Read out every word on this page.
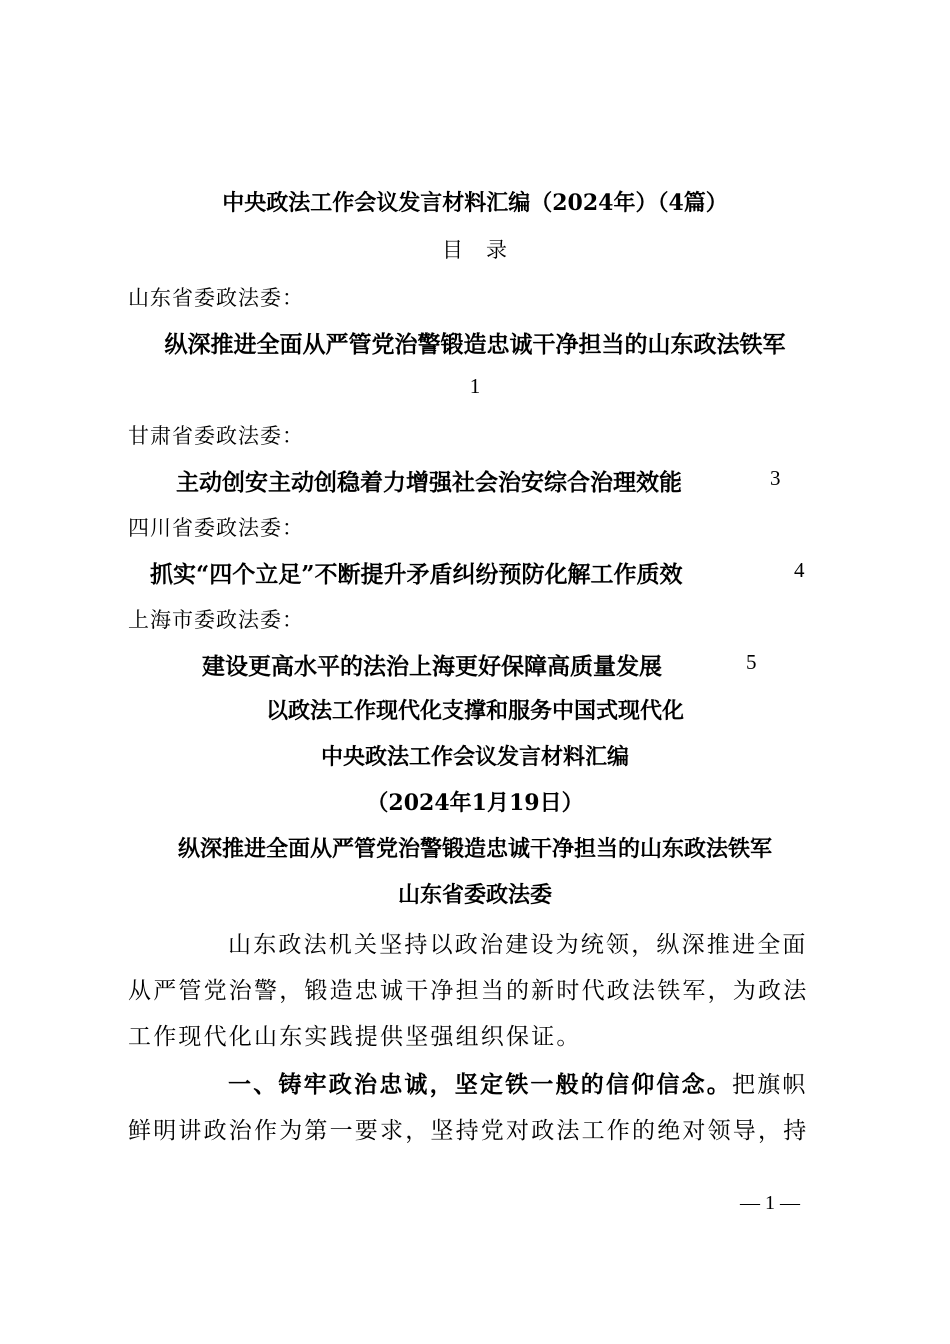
中央政法工作会议发言材料汇编（2024年）（4篇）
目　录
山东省委政法委：
纵深推进全面从严管党治警锻造忠诚干净担当的山东政法铁军
1
甘肃省委政法委：
主动创安主动创稳着力增强社会治安综合治理效能	3
四川省委政法委：
抓实“四个立足”不断提升矛盾纠纷预防化解工作质效	4
上海市委政法委：
建设更高水平的法治上海更好保障高质量发展	5
以政法工作现代化支撑和服务中国式现代化
中央政法工作会议发言材料汇编
（2024年1月19日）
纵深推进全面从严管党治警锻造忠诚干净担当的山东政法铁军
山东省委政法委
山东政法机关坚持以政治建设为统领，纵深推进全面
从严管党治警，锻造忠诚干净担当的新时代政法铁军，为政法
工作现代化山东实践提供坚强组织保证。
一、铸牢政治忠诚，坚定铁一般的信仰信念。把旗帜
鲜明讲政治作为第一要求，坚持党对政法工作的绝对领导，持
— 1 —
